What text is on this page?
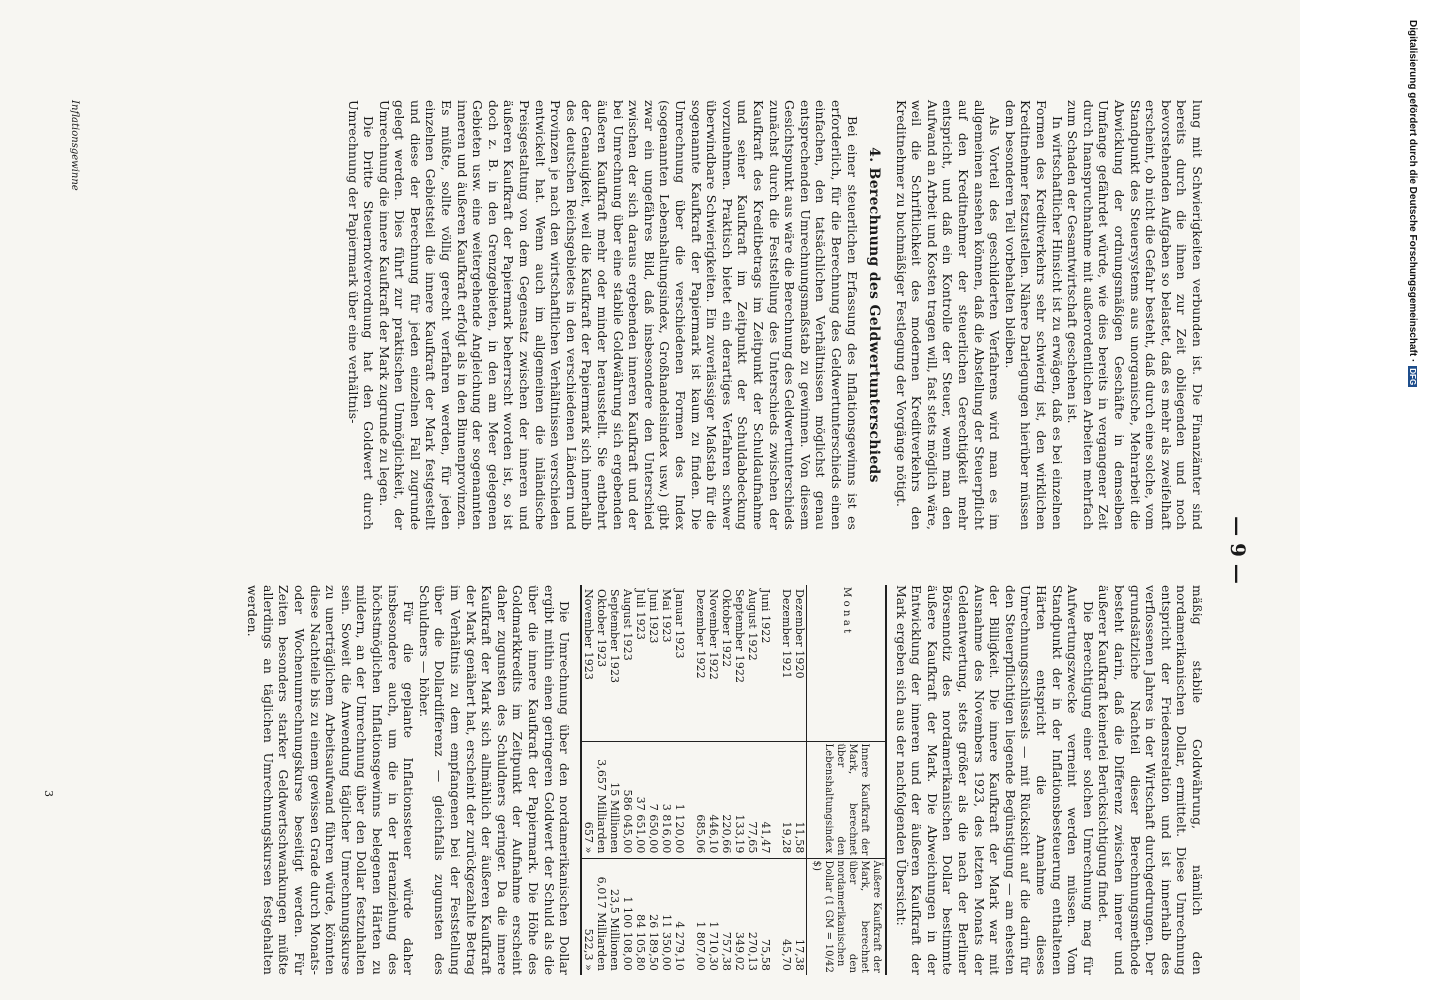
— 9 —

lung mit Schwierigkeiten verbunden ist. Die Finanzämter sind bereits durch die ihnen zur Zeit obliegenden und noch bevorstehenden Aufgaben so belastet, daß es mehr als zweifelhaft erscheint, ob nicht die Gefahr besteht, daß durch eine solche, vom Standpunkt des Steuersystems aus unorganische, Mehrarbeit die Abwicklung der ordnungsmäßigen Geschäfte in demselben Umfange gefährdet würde, wie dies bereits in vergangener Zeit durch Inanspruchnahme mit außerordentlichen Arbeiten mehrfach zum Schaden der Gesamtwirtschaft geschehen ist.

In wirtschaftlicher Hinsicht ist zu erwägen, daß es bei einzelnen Formen des Kreditverkehrs sehr schwierig ist, den wirklichen Kreditnehmer festzustellen. Nähere Darlegungen hierüber müssen dem besonderen Teil vorbehalten bleiben.

Als Vorteil des geschilderten Verfahrens wird man es im allgemeinen ansehen können, daß die Abstellung der Steuerpflicht auf den Kreditnehmer der steuerlichen Gerechtigkeit mehr entspricht, und daß ein Kontrolle der Steuer, wenn man den Aufwand an Arbeit und Kosten tragen will, fast stets möglich wäre, weil die Schriftlichkeit des modernen Kreditverkehrs den Kreditnehmer zu buchmäßiger Festlegung der Vorgänge nötigt.

4. Berechnung des Geldwertunterschieds

Bei einer steuerlichen Erfassung des Inflationsgewinns ist es erforderlich, für die Berechnung des Geldwertunterschieds einen einfachen, den tatsächlichen Verhältnissen möglichst genau entsprechenden Umrechnungsmaßstab zu gewinnen. Von diesem Gesichtspunkt aus wäre die Berechnung des Geldwertunterschieds zunächst durch die Feststellung des Unterschieds zwischen der Kaufkraft des Kreditbetrags im Zeitpunkt der Schuldaufnahme und seiner Kaufkraft im Zeitpunkt der Schuldabdeckung vorzunehmen. Praktisch bietet ein derartiges Verfahren schwer überwindbare Schwierigkeiten. Ein zuverlässiger Maßstab für die sogenannte Kaufkraft der Papiermark ist kaum zu finden. Die Umrechnung über die verschiedenen Formen des Index (sogenannten Lebenshaltungsindex, Großhandelsindex usw.) gibt zwar ein ungefähres Bild, daß insbesondere den Unterschied zwischen der sich daraus ergebenden inneren Kaufkraft und der bei Umrechnung über eine stabile Goldwährung sich ergebenden äußeren Kaufkraft mehr oder minder herausstellt. Sie entbehrt der Genauigkeit, weil die Kaufkraft der Papiermark sich innerhalb des deutschen Reichsgebietes in den verschiedenen Ländern und Provinzen je nach den wirtschaftlichen Verhältnissen verschieden entwickelt hat. Wenn auch im allgemeinen die inländische Preisgestaltung von dem Gegensatz zwischen der inneren und äußeren Kaufkraft der Papiermark beherrscht worden ist, so ist doch z. B. in den Grenzgebieten, in den am Meer gelegenen Gebieten usw. eine weitergehende Angleichung der sogenannten inneren und äußeren Kaufkraft erfolgt als in den Binnenprovinzen. Es müßte, sollte völlig gerecht verfahren werden, für jeden einzelnen Gebietsteil die innere Kaufkraft der Mark festgestellt und diese der Berechnung für jeden einzelnen Fall zugrunde gelegt werden. Dies führt zur praktischen Unmöglichkeit, der Umrechnung die innere Kaufkraft der Mark zugrunde zu legen.

Die Dritte Steuernotverordnung hat den Goldwert durch Umrechnung der Papiermark über eine verhältnis-

mäßig stabile Goldwährung, nämlich den nordamerikanischen Dollar, ermittelt. Diese Umrechnung entspricht der Friedensrelation und ist innerhalb des verflossenen Jahres in der Wirtschaft durchgedrungen. Der grundsätzliche Nachteil dieser Berechnungsmethode besteht darin, daß die Differenz zwischen innerer und äußerer Kaufkraft keinerlei Berücksichtigung findet.

Die Berechtigung einer solchen Umrechnung mag für Aufwertungszwecke verneint werden müssen. Vom Standpunkt der in der Inflationsbesteuerung enthaltenen Härten entspricht die Annahme dieses Umrechnungsschlüssels — mit Rücksicht auf die darin für den Steuerpflichtigen liegende Begünstigung — am ehesten der Billigkeit. Die innere Kaufkraft der Mark war mit Ausnahme des Novembers 1923, des letzten Monats der Geldentwertung, stets größer als die nach der Berliner Börsennotiz des nordamerikanischen Dollar bestimmte äußere Kaufkraft der Mark. Die Abweichungen in der Entwicklung der inneren und der äußeren Kaufkraft der Mark ergeben sich aus der nachfolgenden Übersicht:

M o n a t	Innere Kaufkraft der Mark, berechnet über den Lebenshaltungsindex	Äußere Kaufkraft der Mark, berechnet über den nordamerikanischen Dollar (1 GM = 10/42 $)
Dezember 1920	11,58	17,38
Dezember 1921	19,28	45,70

Juni 1922	41,47	75,58
August 1922	77,65	270,13
September 1922	133,19	349,02
Oktober 1922	220,66	757,38
November 1922	446,10	1 710,30
Dezember 1922	685,06	1 807,00

Januar 1923	1 120,00	4 279,10
Mai 1923	3 816,00	11 350,00
Juni 1923	7 650,00	26 189,50
Juli 1923	37 651,00	84 105,80
August 1923	586 045,00	1 100 108,00
September 1923	15 Millionen	23,5 Millionen
Oktober 1923	3,657 Milliarden	6,017 Milliarden
November 1923	657 »	522,3 »

Die Umrechnung über den nordamerikanischen Dollar ergibt mithin einen geringeren Goldwert der Schuld als die über die innere Kaufkraft der Papiermark. Die Höhe des Goldmarkkredits im Zeitpunkt der Aufnahme erscheint daher zugunsten des Schuldners geringer. Da die innere Kaufkraft der Mark sich allmählich der äußeren Kaufkraft der Mark genähert hat, erscheint der zurückgezahlte Betrag im Verhältnis zu dem empfangenen bei der Feststellung über die Dollardifferenz — gleichfalls zugunsten des Schuldners — höher.

Für die geplante Inflationssteuer würde daher insbesondere auch, um die in der Heranziehung des höchstmöglichen Inflationsgewinns belegenen Härten zu mildern, an der Umrechnung über den Dollar festzuhalten sein. Soweit die Anwendung täglicher Umrechnungskurse zu unerträglichem Arbeitsaufwand führen würde, könnten diese Nachteile bis zu einem gewissen Grade durch Monats- oder Wochenumrechnungskurse beseitigt werden. Für Zeiten besonders starker Geldwertschwankungen müßte allerdings an täglichen Umrechnungskursen festgehalten werden.

Inflationsgewinne
3
Digitalisierung gefördert durch die Deutsche Forschungsgemeinschaft ·DFG
